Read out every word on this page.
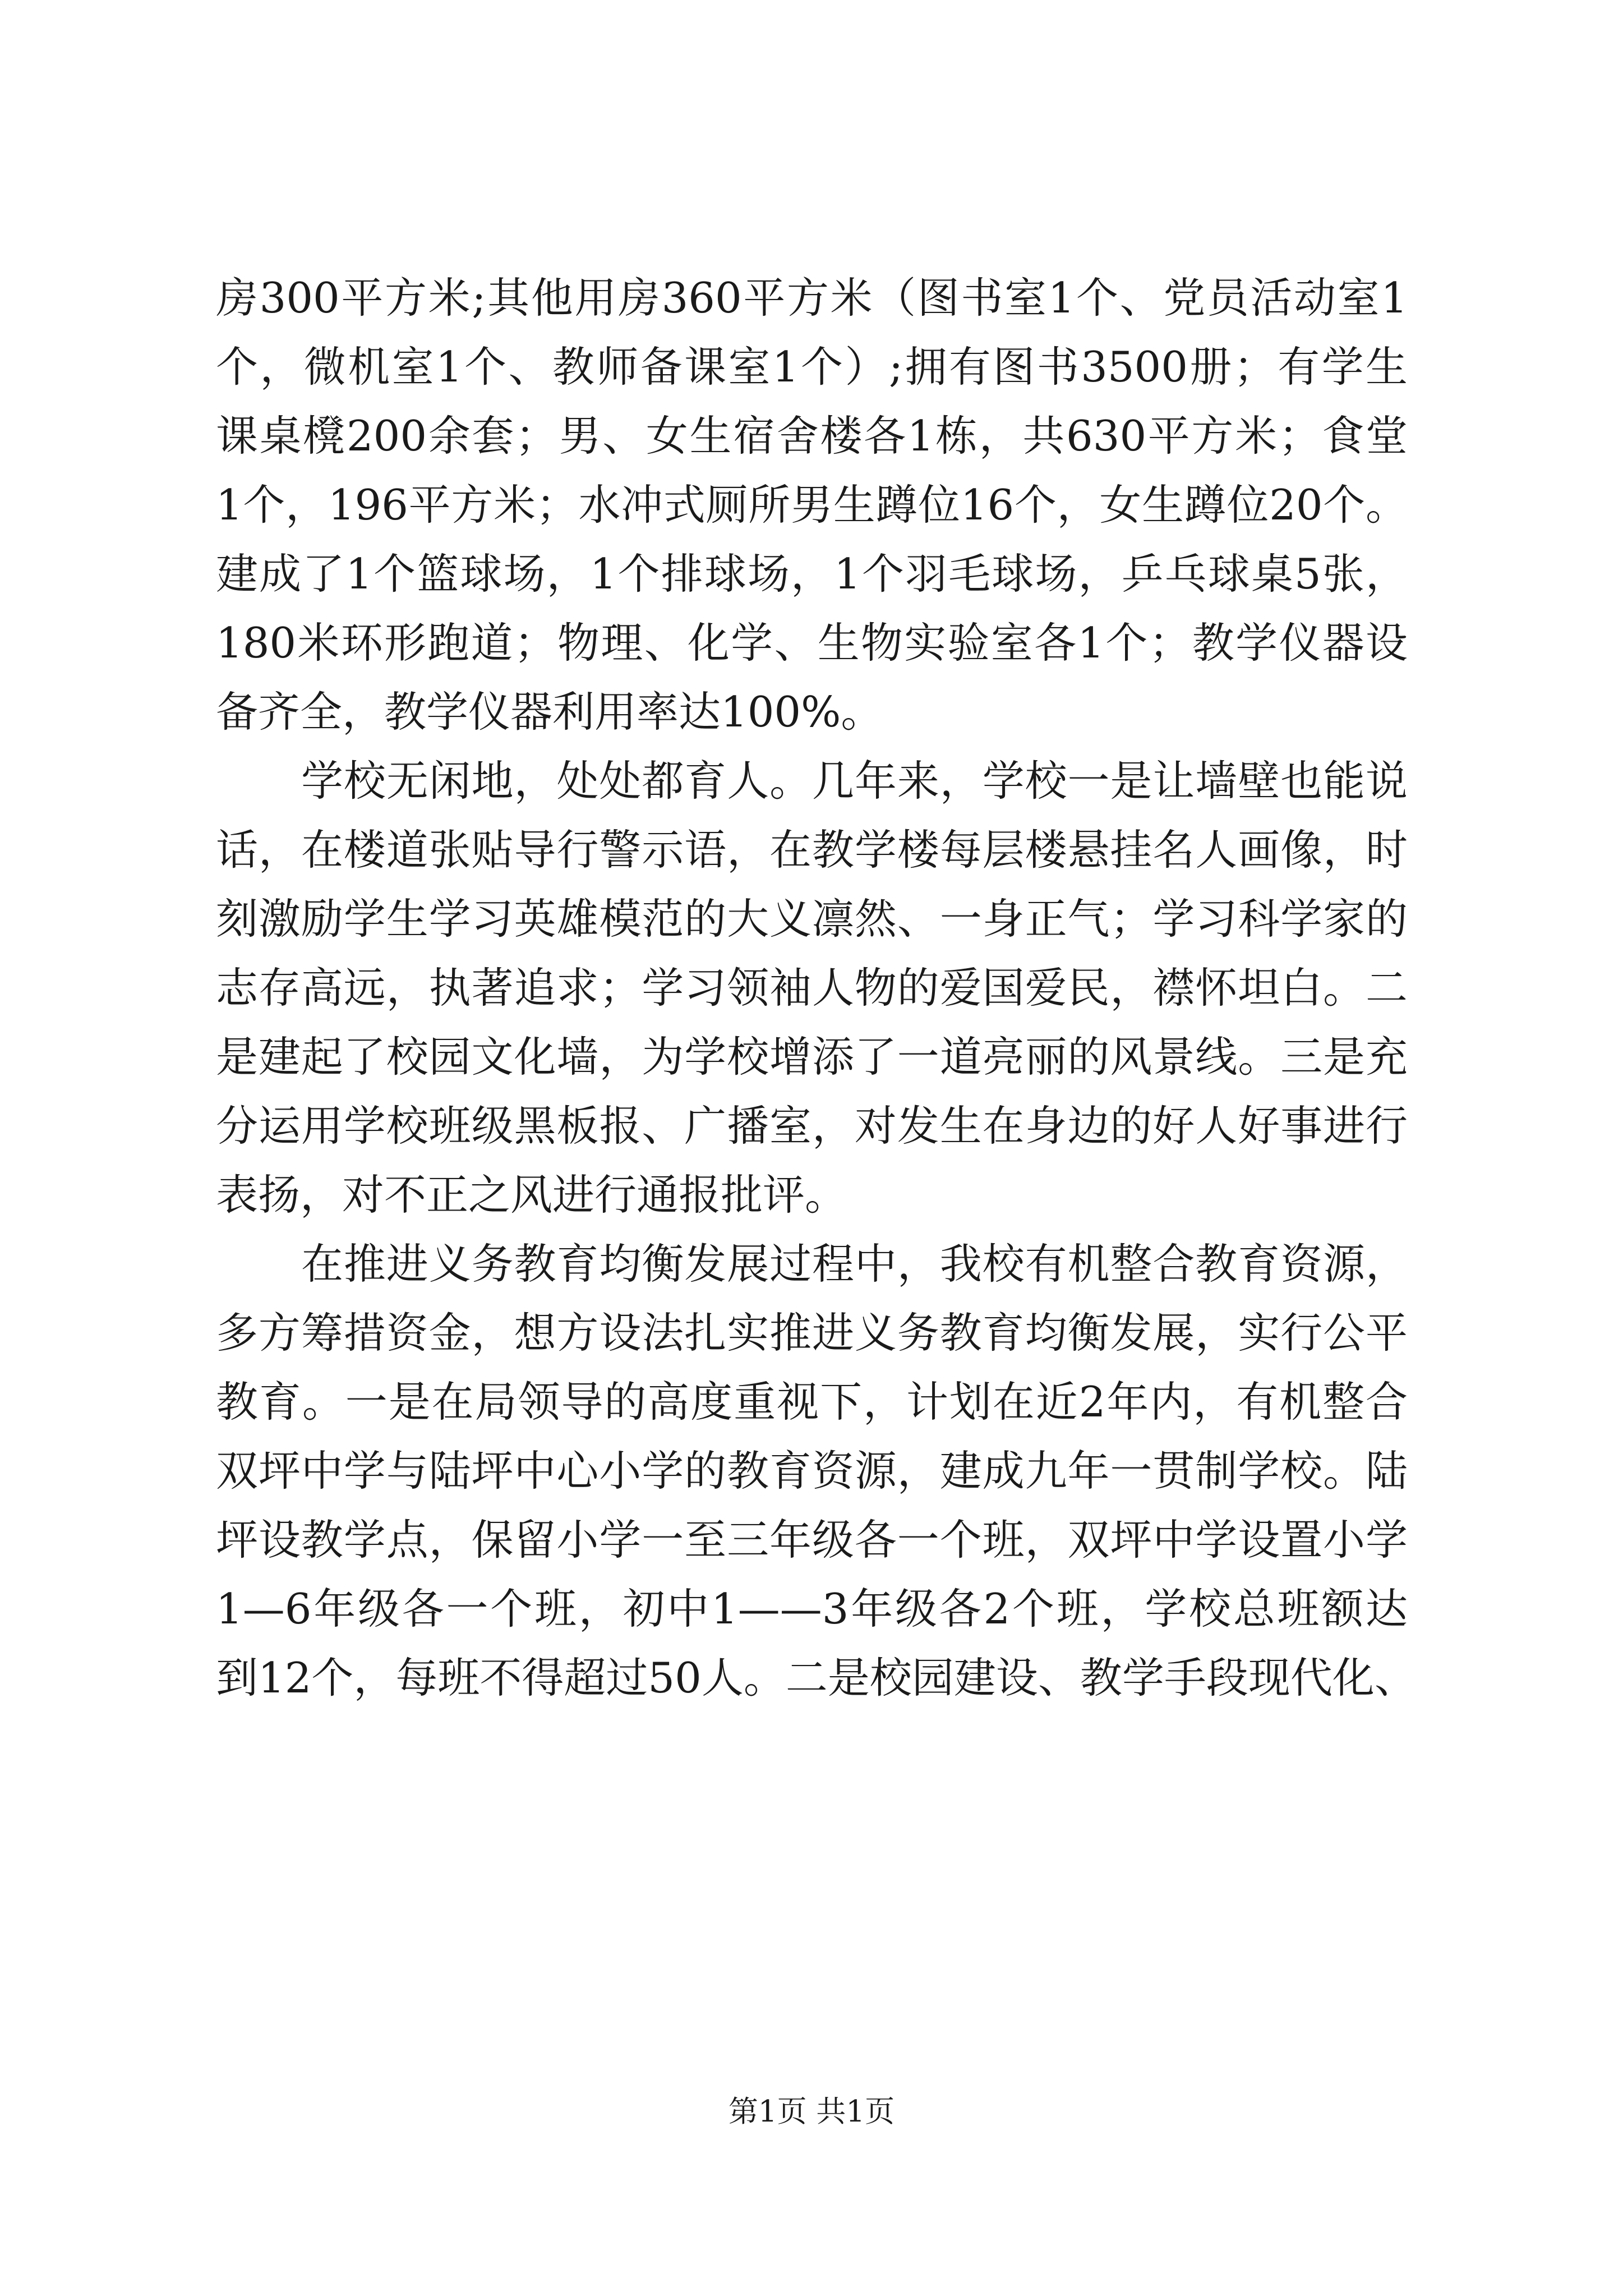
房300平方米;其他用房360平方米（图书室1个、党员活动室1
个，微机室1个、教师备课室1个）;拥有图书3500册；有学生
课桌櫈200余套；男、女生宿舍楼各1栋，共630平方米；食堂
1个，196平方米；水冲式厕所男生蹲位16个，女生蹲位20个。
建成了1个篮球场，1个排球场，1个羽毛球场，乒乓球桌5张，
180米环形跑道；物理、化学、生物实验室各1个；教学仪器设
备齐全，教学仪器利用率达100%。
学校无闲地，处处都育人。几年来，学校一是让墙壁也能说
话，在楼道张贴导行警示语，在教学楼每层楼悬挂名人画像，时
刻激励学生学习英雄模范的大义凛然、一身正气；学习科学家的
志存高远，执著追求；学习领袖人物的爱国爱民，襟怀坦白。二
是建起了校园文化墙，为学校增添了一道亮丽的风景线。三是充
分运用学校班级黑板报、广播室，对发生在身边的好人好事进行
表扬，对不正之风进行通报批评。
在推进义务教育均衡发展过程中，我校有机整合教育资源，
多方筹措资金，想方设法扎实推进义务教育均衡发展，实行公平
教育。一是在局领导的高度重视下，计划在近2年内，有机整合
双坪中学与陆坪中心小学的教育资源，建成九年一贯制学校。陆
坪设教学点，保留小学一至三年级各一个班，双坪中学设置小学
1—6年级各一个班，初中1——3年级各2个班，学校总班额达
到12个，每班不得超过50人。二是校园建设、教学手段现代化、
第1页 共1页
